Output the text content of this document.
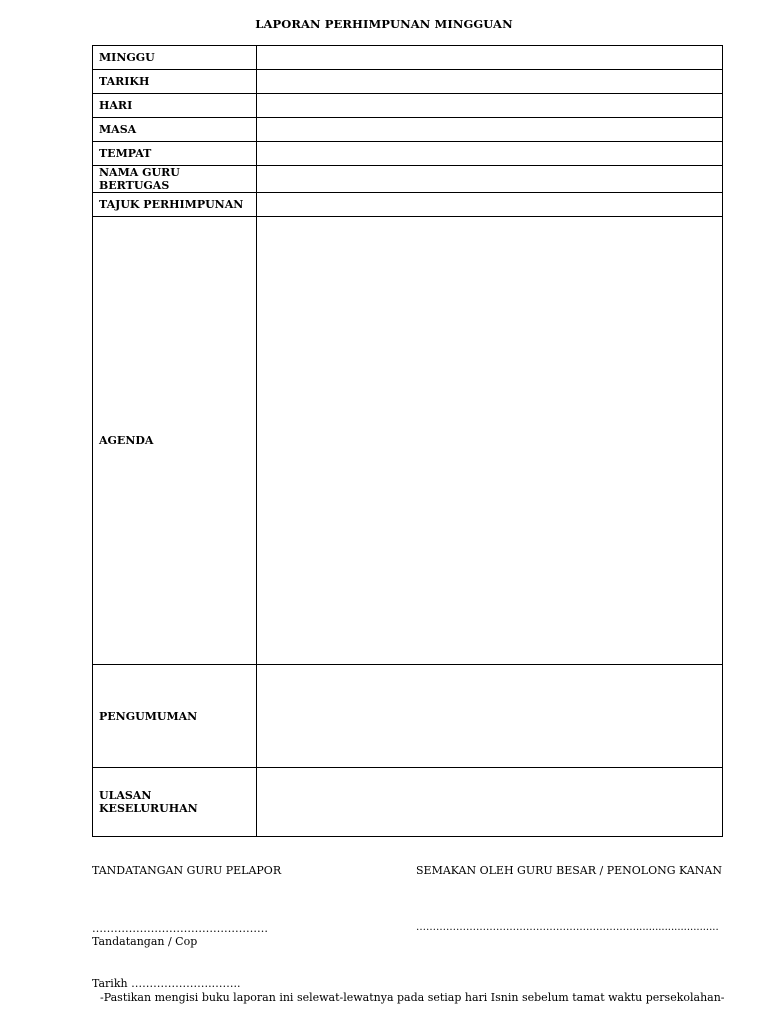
LAPORAN PERHIMPUNAN MINGGUAN
MINGGU	
TARIKH	
HARI	
MASA	
TEMPAT	
NAMA GURU BERTUGAS	
TAJUK PERHIMPUNAN	
AGENDA	
PENGUMUMAN	
ULASAN KESELURUHAN	
TANDATANGAN GURU PELAPOR	SEMAKAN OLEH GURU BESAR / PENOLONG KANAN
…………………………………………	…………………………………………………………..........................
Tandatangan / Cop
Tarikh ………………….……..
-Pastikan mengisi buku laporan ini selewat-lewatnya pada setiap hari Isnin sebelum tamat waktu persekolahan-
